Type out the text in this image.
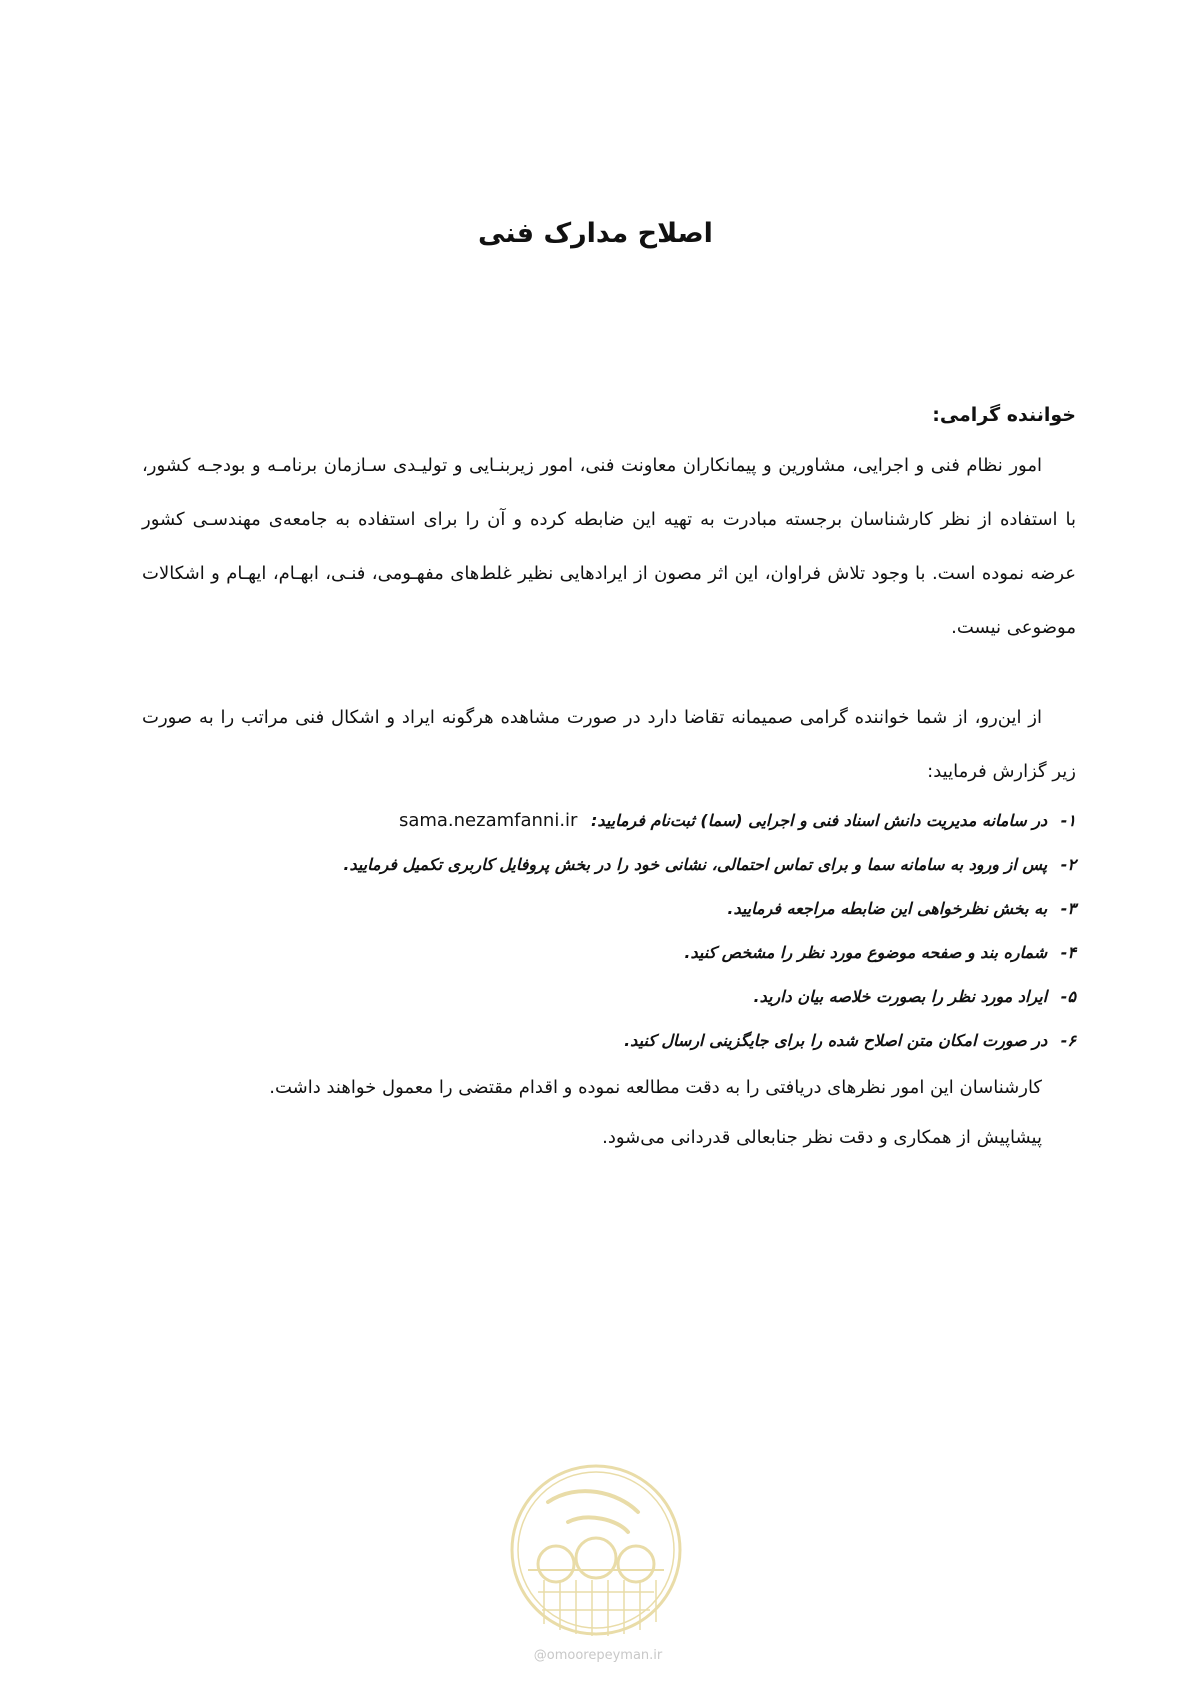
اصلاح مدارک فنی
خواننده گرامی:

امور نظام فنی و اجرایی، مشاورین و پیمانکاران معاونت فنی، امور زیربنـایی و تولیـدی سـازمان برنامـه و بودجـه کشور، با استفاده از نظر کارشناسان برجسته مبادرت به تهیه این ضابطه کرده و آن را برای استفاده به جامعه‌ی مهندسـی کشور عرضه نموده است. با وجود تلاش فراوان، این اثر مصون از ایرادهایی نظیر غلط‌های مفهـومی، فنـی، ابهـام، ایهـام و اشکالات موضوعی نیست.

از این‌رو، از شما خواننده گرامی صمیمانه تقاضا دارد در صورت مشاهده هرگونه ایراد و اشکال فنی مراتب را به صورت زیر گزارش فرمایید:

۱- در سامانه مدیریت دانش اسناد فنی و اجرایی (سما) ثبت‌نام فرمایید: sama.nezamfanni.ir
۲- پس از ورود به سامانه سما و برای تماس احتمالی، نشانی خود را در بخش پروفایل کاربری تکمیل فرمایید.
۳- به بخش نظرخواهی این ضابطه مراجعه فرمایید.
۴- شماره بند و صفحه موضوع مورد نظر را مشخص کنید.
۵- ایراد مورد نظر را بصورت خلاصه بیان دارید.
۶- در صورت امکان متن اصلاح شده را برای جایگزینی ارسال کنید.
کارشناسان این امور نظرهای دریافتی را به دقت مطالعه نموده و اقدام مقتضی را معمول خواهند داشت.
پیشاپیش از همکاری و دقت نظر جنابعالی قدردانی می‌شود.
@omoorepeyman.ir
